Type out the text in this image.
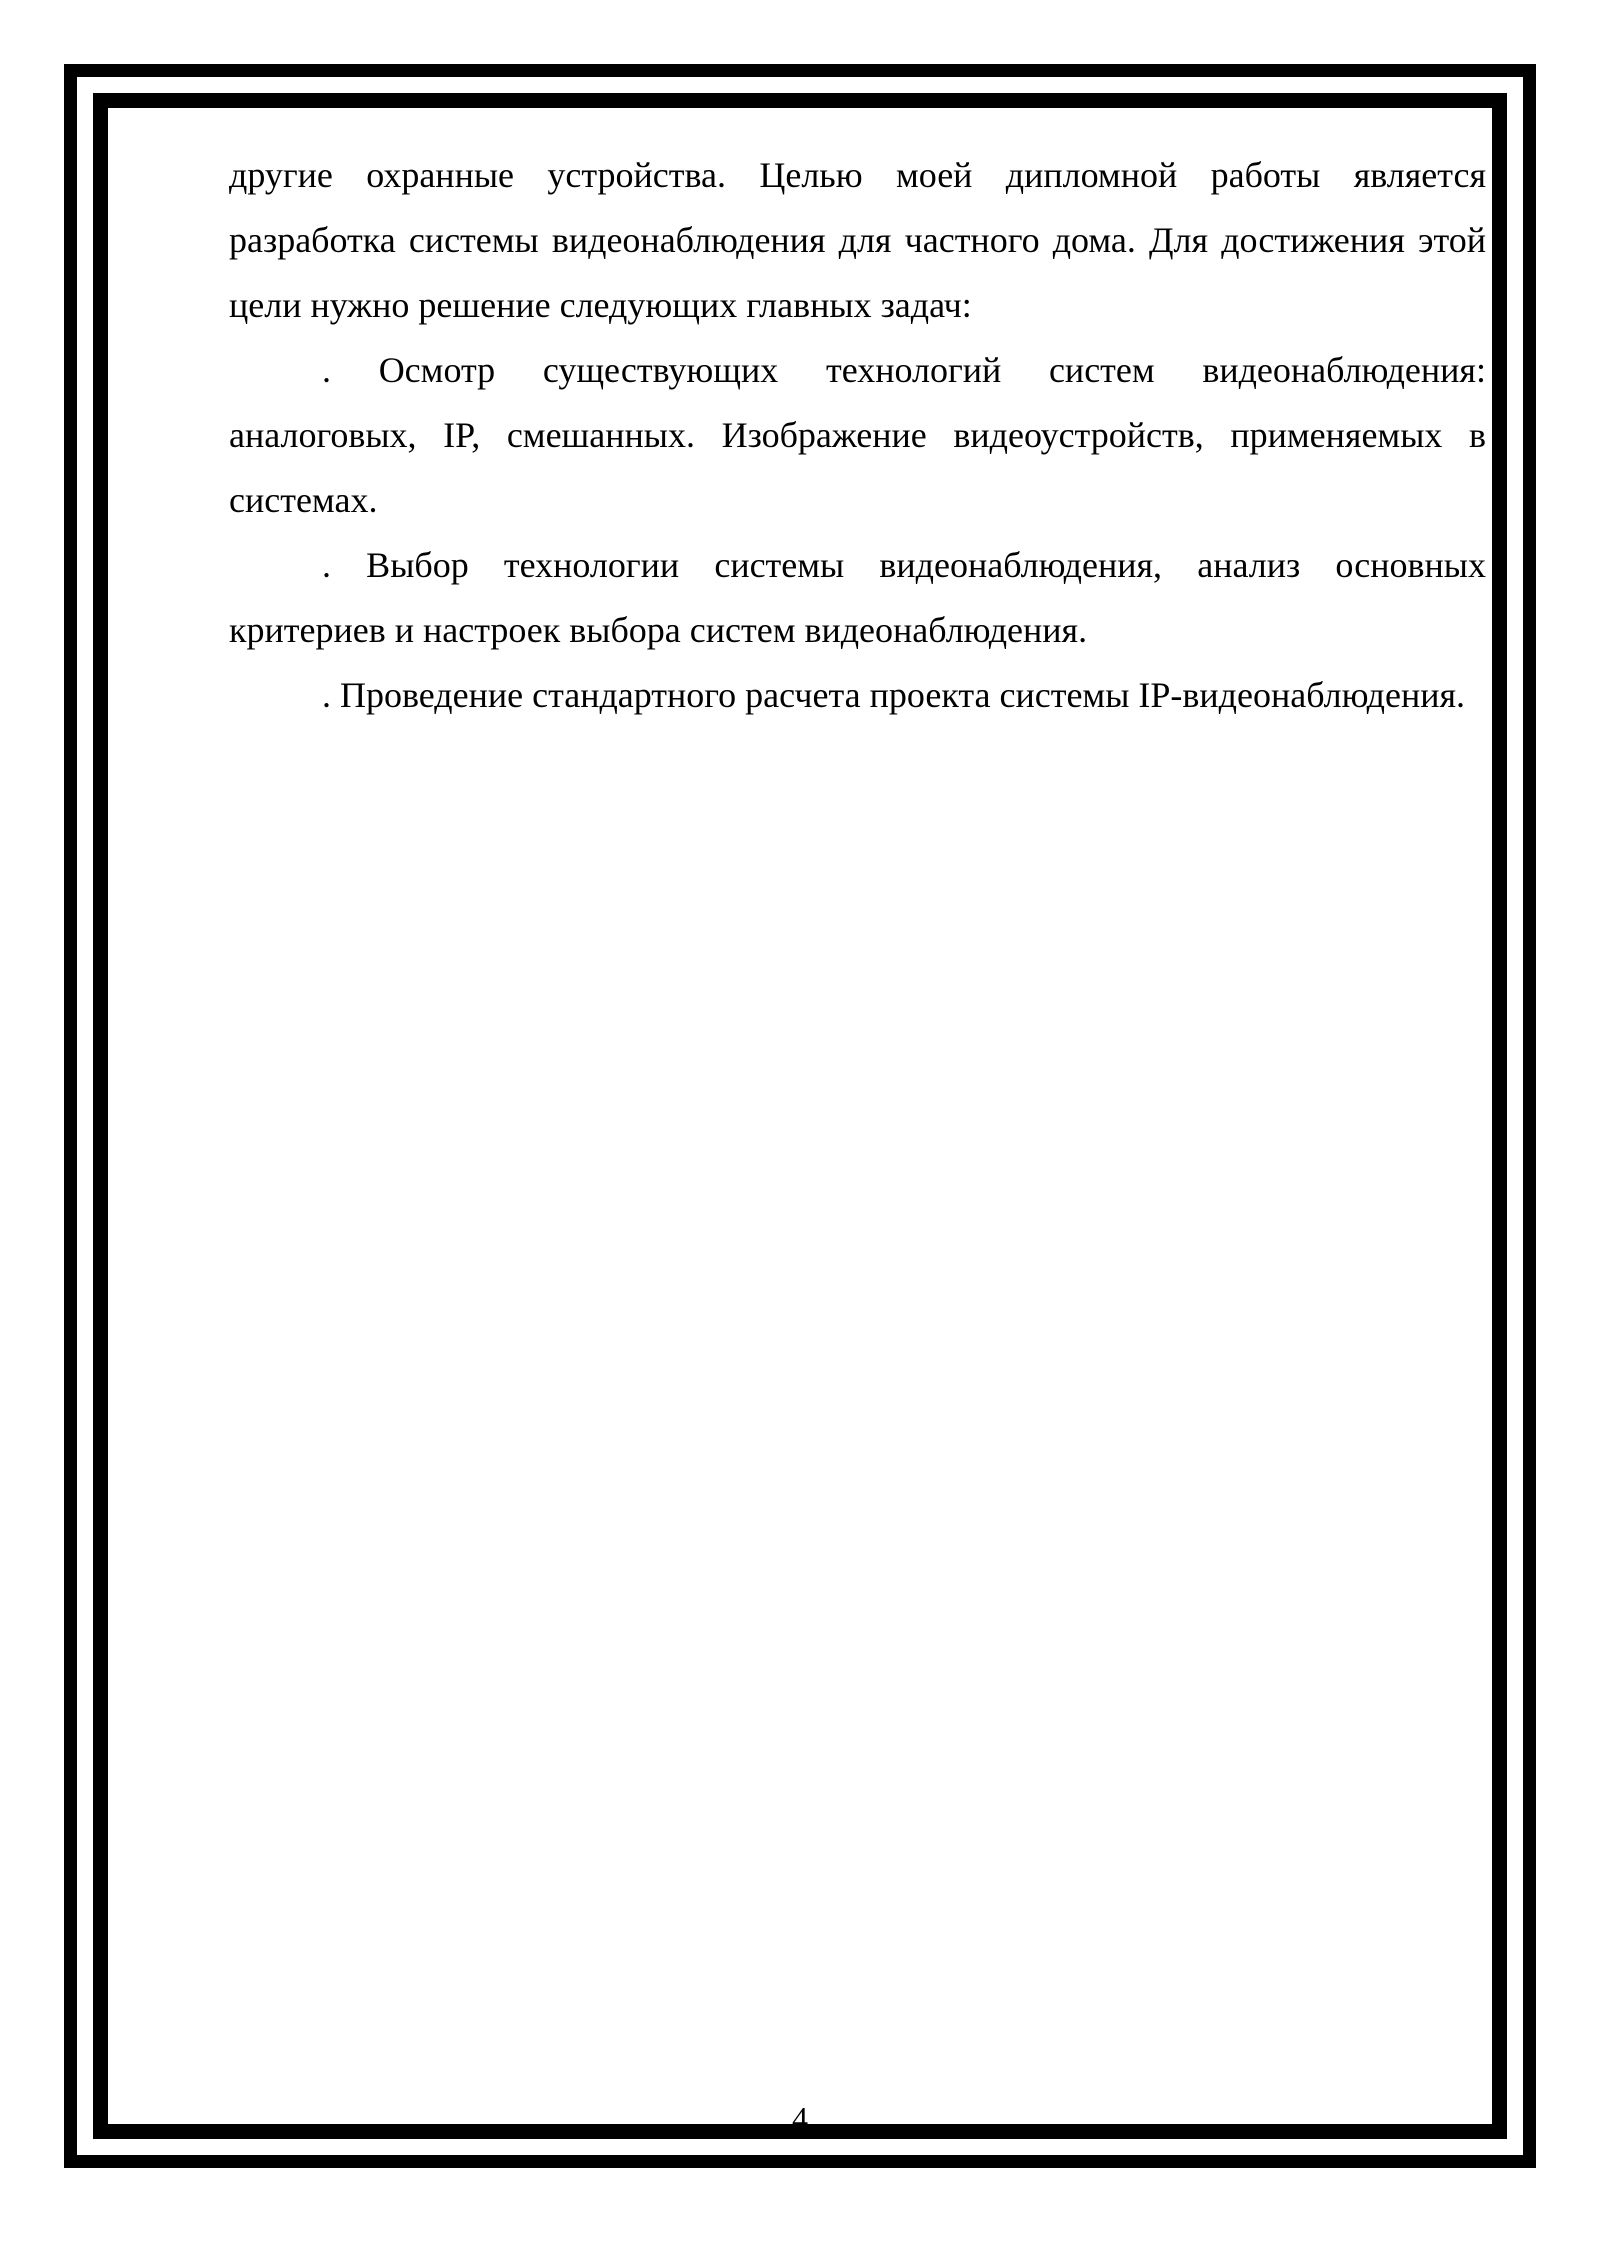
другие охранные устройства. Целью моей дипломной работы является разработка системы видеонаблюдения для частного дома. Для достижения этой цели нужно решение следующих главных задач:

. Осмотр существующих технологий систем видеонаблюдения: аналоговых, IP, смешанных. Изображение видеоустройств, применяемых в системах.

. Выбор технологии системы видеонаблюдения, анализ основных критериев и настроек выбора систем видеонаблюдения.

. Проведение стандартного расчета проекта системы IP-видеонаблюдения.

4
